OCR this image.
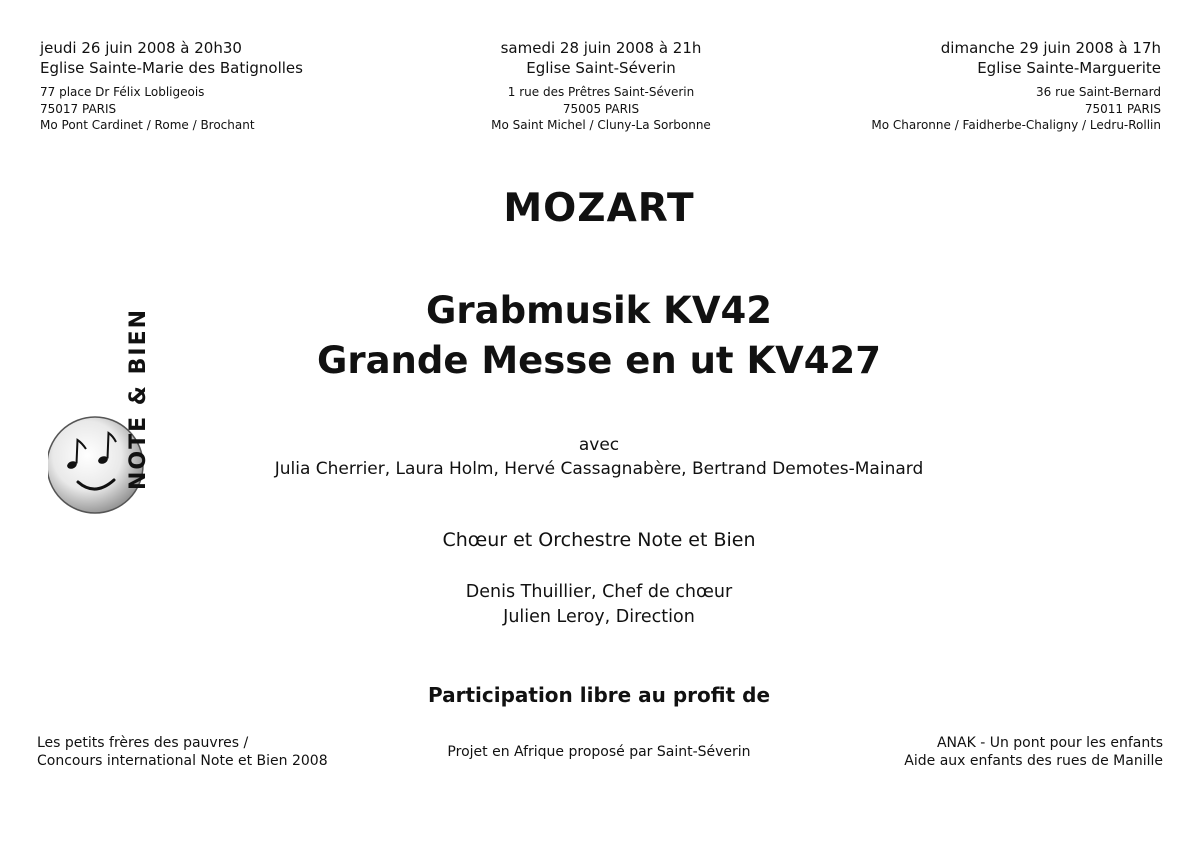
jeudi 26 juin 2008 à 20h30
Eglise Sainte-Marie des Batignolles
77 place Dr Félix Lobligeois
75017 PARIS
Mo Pont Cardinet / Rome / Brochant
samedi 28 juin 2008 à 21h
Eglise Saint-Séverin
1 rue des Prêtres Saint-Séverin
75005 PARIS
Mo Saint Michel / Cluny-La Sorbonne
dimanche 29 juin 2008 à 17h
Eglise Sainte-Marguerite
36 rue Saint-Bernard
75011 PARIS
Mo Charonne / Faidherbe-Chaligny / Ledru-Rollin
MOZART
Grabmusik KV42
Grande Messe en ut KV427
avec
Julia Cherrier, Laura Holm, Hervé Cassagnabère, Bertrand Demotes-Mainard
Chœur et Orchestre Note et Bien
Denis Thuillier, Chef de chœur
Julien Leroy, Direction
Participation libre au profit de
Les petits frères des pauvres /
Concours international Note et Bien 2008
Projet en Afrique proposé par Saint-Séverin
ANAK - Un pont pour les enfants
Aide aux enfants des rues de Manille
NOTE & BIEN
